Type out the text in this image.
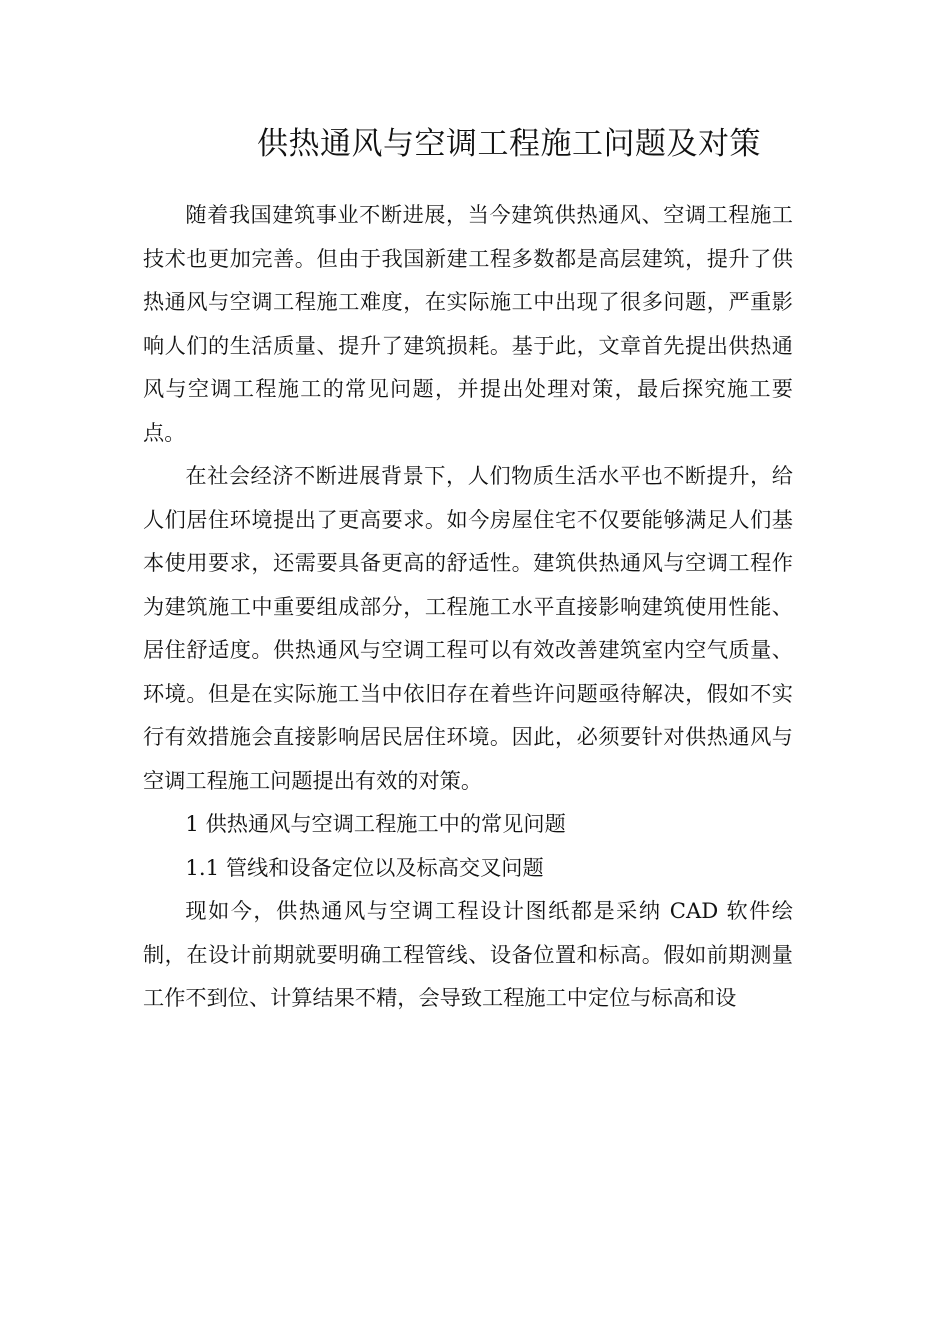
供热通风与空调工程施工问题及对策

随着我国建筑事业不断进展，当今建筑供热通风、空调工程施工技术也更加完善。但由于我国新建工程多数都是高层建筑，提升了供热通风与空调工程施工难度，在实际施工中出现了很多问题，严重影响人们的生活质量、提升了建筑损耗。基于此，文章首先提出供热通风与空调工程施工的常见问题，并提出处理对策，最后探究施工要点。

在社会经济不断进展背景下，人们物质生活水平也不断提升，给人们居住环境提出了更高要求。如今房屋住宅不仅要能够满足人们基本使用要求，还需要具备更高的舒适性。建筑供热通风与空调工程作为建筑施工中重要组成部分，工程施工水平直接影响建筑使用性能、居住舒适度。供热通风与空调工程可以有效改善建筑室内空气质量、环境。但是在实际施工当中依旧存在着些许问题亟待解决，假如不实行有效措施会直接影响居民居住环境。因此，必须要针对供热通风与空调工程施工问题提出有效的对策。

1 供热通风与空调工程施工中的常见问题

1.1 管线和设备定位以及标高交叉问题

现如今，供热通风与空调工程设计图纸都是采纳 CAD 软件绘制，在设计前期就要明确工程管线、设备位置和标高。假如前期测量工作不到位、计算结果不精，会导致工程施工中定位与标高和设
